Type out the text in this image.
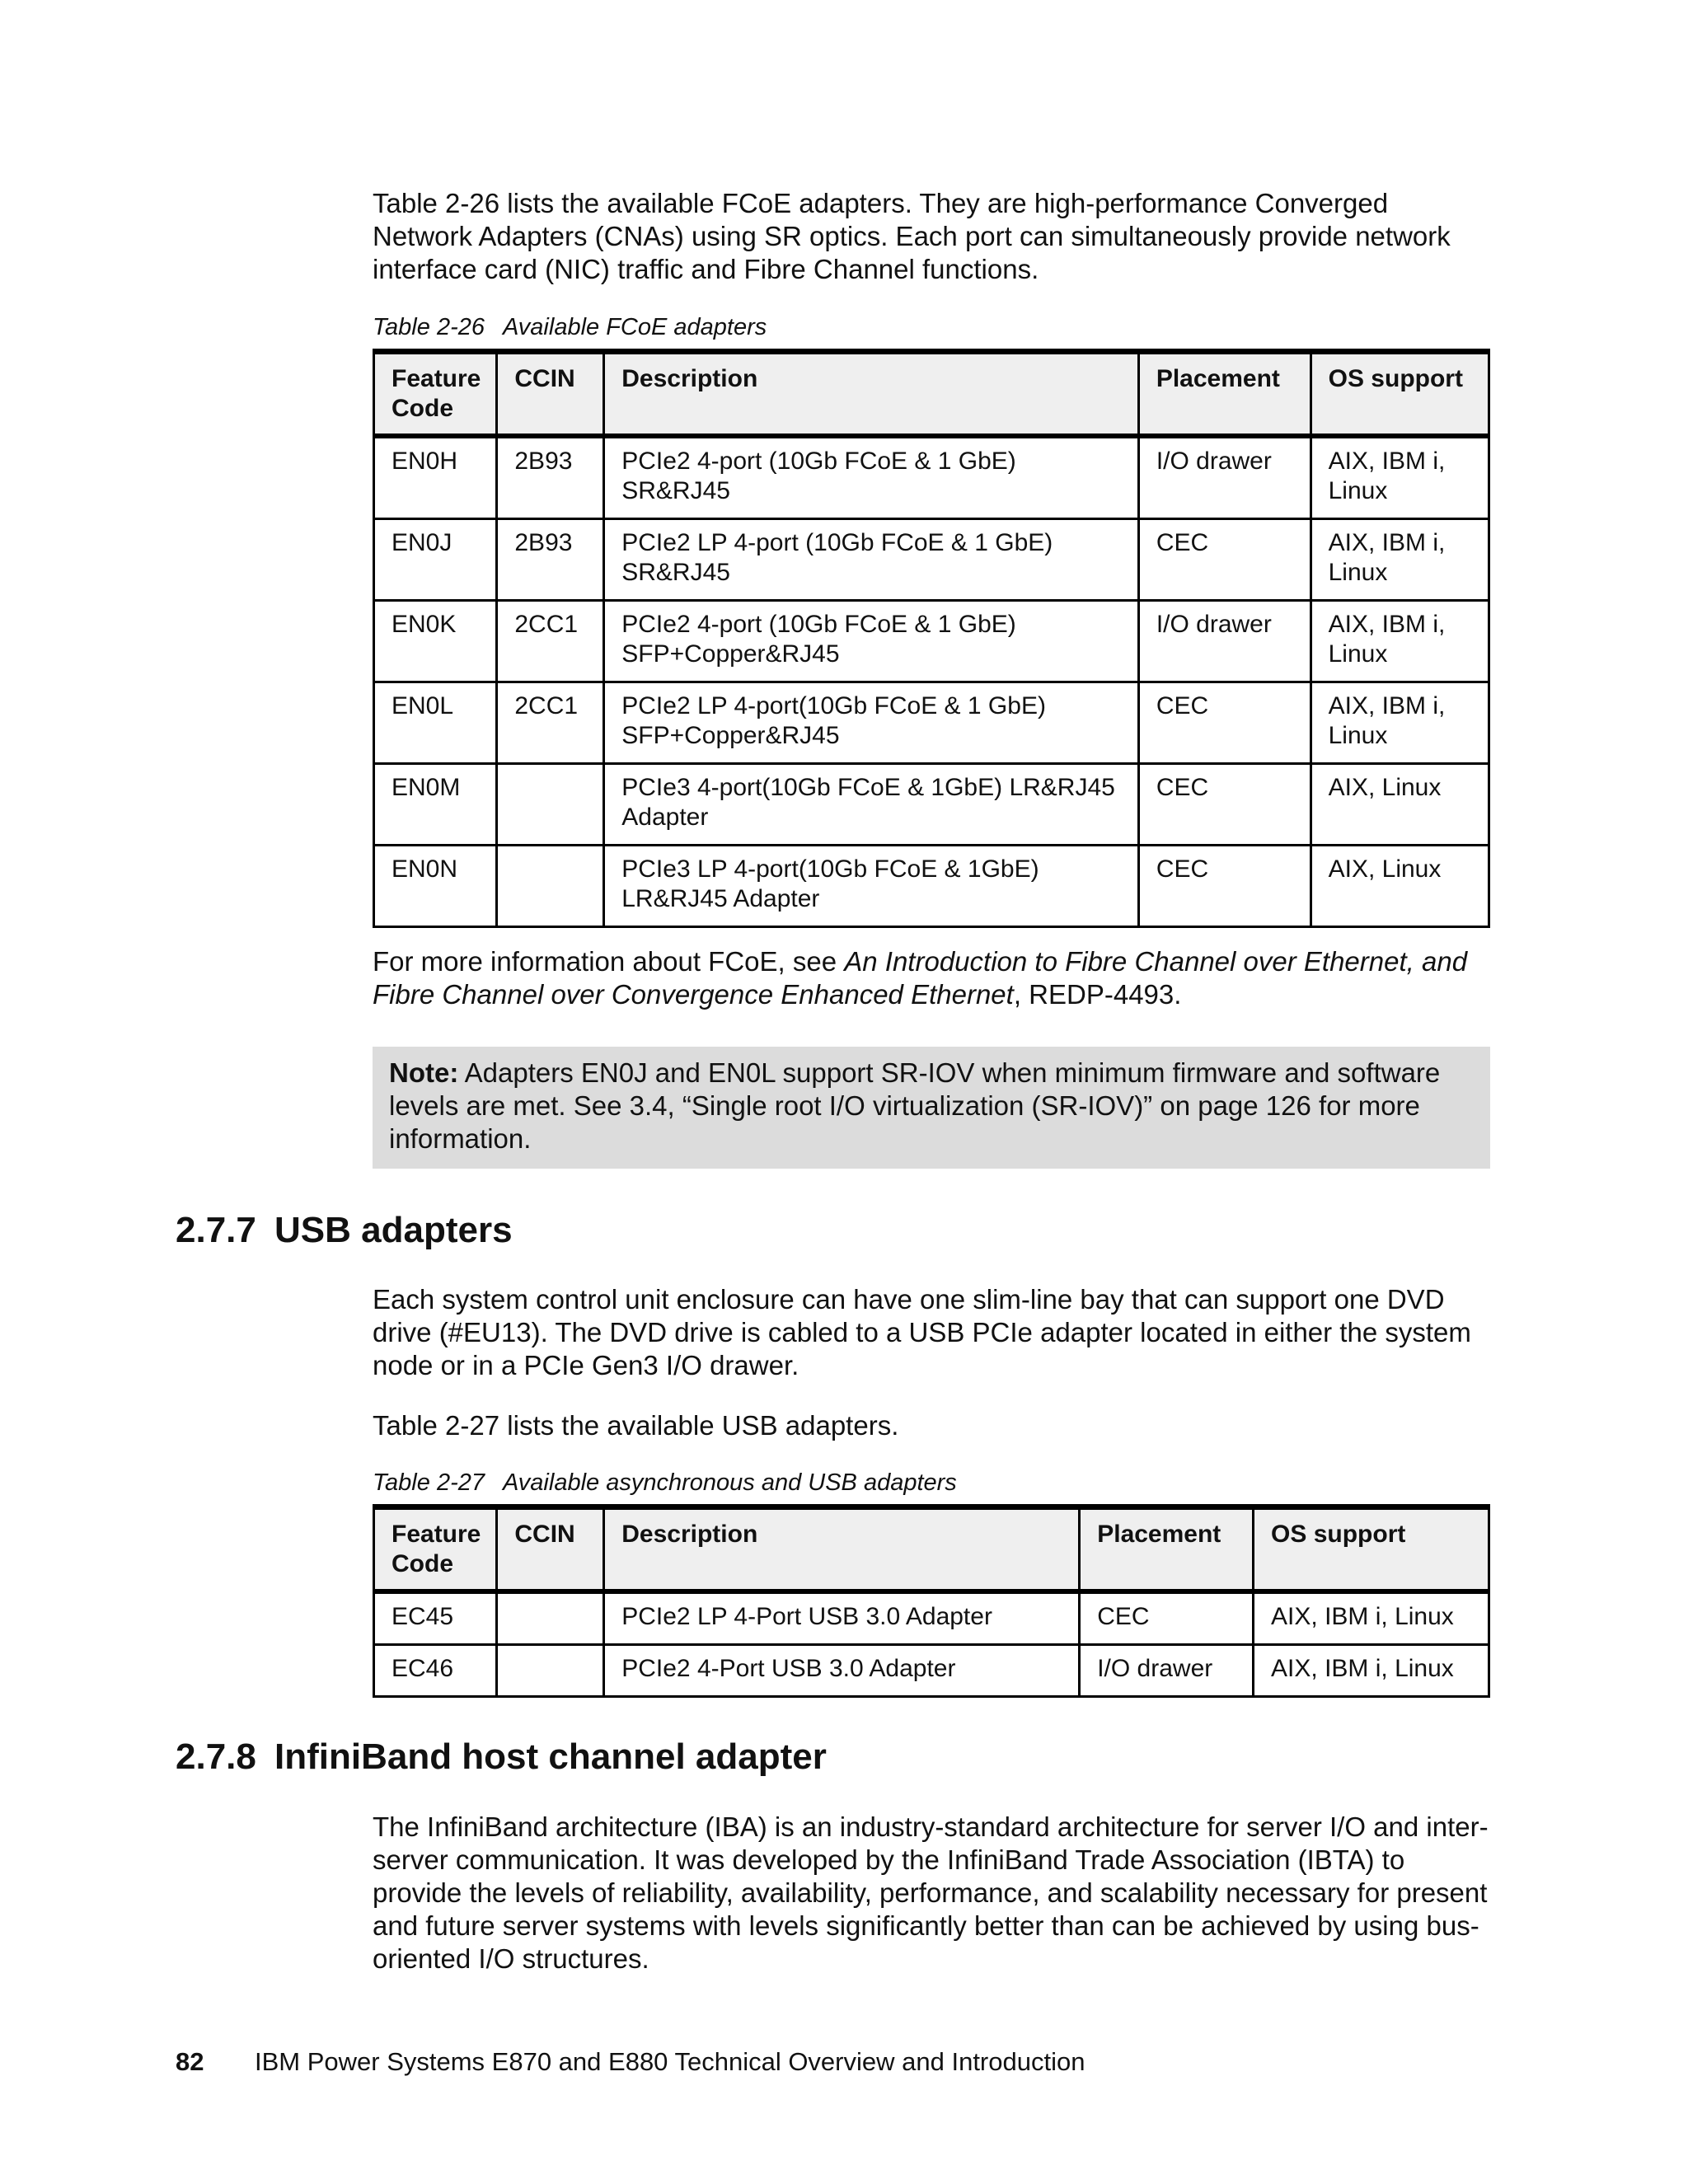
Table 2-26 lists the available FCoE adapters. They are high-performance Converged Network Adapters (CNAs) using SR optics. Each port can simultaneously provide network interface card (NIC) traffic and Fibre Channel functions.

Table 2-26 Available FCoE adapters

Feature Code	CCIN	Description	Placement	OS support
EN0H	2B93	PCIe2 4-port (10Gb FCoE & 1 GbE) SR&RJ45	I/O drawer	AIX, IBM i, Linux
EN0J	2B93	PCIe2 LP 4-port (10Gb FCoE & 1 GbE) SR&RJ45	CEC	AIX, IBM i, Linux
EN0K	2CC1	PCIe2 4-port (10Gb FCoE & 1 GbE) SFP+Copper&RJ45	I/O drawer	AIX, IBM i, Linux
EN0L	2CC1	PCIe2 LP 4-port(10Gb FCoE & 1 GbE) SFP+Copper&RJ45	CEC	AIX, IBM i, Linux
EN0M		PCIe3 4-port(10Gb FCoE & 1GbE) LR&RJ45 Adapter	CEC	AIX, Linux
EN0N		PCIe3 LP 4-port(10Gb FCoE & 1GbE) LR&RJ45 Adapter	CEC	AIX, Linux

For more information about FCoE, see An Introduction to Fibre Channel over Ethernet, and Fibre Channel over Convergence Enhanced Ethernet, REDP-4493.

Note: Adapters EN0J and EN0L support SR-IOV when minimum firmware and software levels are met. See 3.4, “Single root I/O virtualization (SR-IOV)” on page 126 for more information.
2.7.7 USB adapters

Each system control unit enclosure can have one slim-line bay that can support one DVD drive (#EU13). The DVD drive is cabled to a USB PCIe adapter located in either the system node or in a PCIe Gen3 I/O drawer.

Table 2-27 lists the available USB adapters.

Table 2-27 Available asynchronous and USB adapters

Feature Code	CCIN	Description	Placement	OS support
EC45		PCIe2 LP 4-Port USB 3.0 Adapter	CEC	AIX, IBM i, Linux
EC46		PCIe2 4-Port USB 3.0 Adapter	I/O drawer	AIX, IBM i, Linux
2.7.8 InfiniBand host channel adapter

The InfiniBand architecture (IBA) is an industry-standard architecture for server I/O and inter-server communication. It was developed by the InfiniBand Trade Association (IBTA) to provide the levels of reliability, availability, performance, and scalability necessary for present and future server systems with levels significantly better than can be achieved by using bus-oriented I/O structures.

82 IBM Power Systems E870 and E880 Technical Overview and Introduction
